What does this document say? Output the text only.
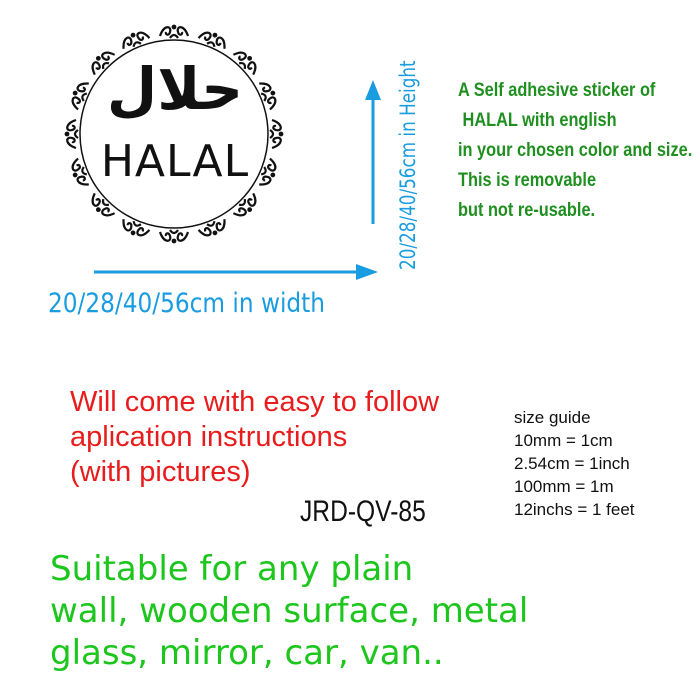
حلال
HALAL
20/28/40/56cm in width
20/28/40/56cm in Height A Self adhesive sticker of
HALAL with english
in your chosen color and size.
This is removable
but not re-usable.
Will come with easy to follow
aplication instructions
(with pictures)
size guide
10mm = 1cm
2.54cm = 1inch
100mm = 1m
12inchs = 1 feet
JRD-QV-85
Suitable for any plain
wall, wooden surface, metal
glass, mirror, car, van..
